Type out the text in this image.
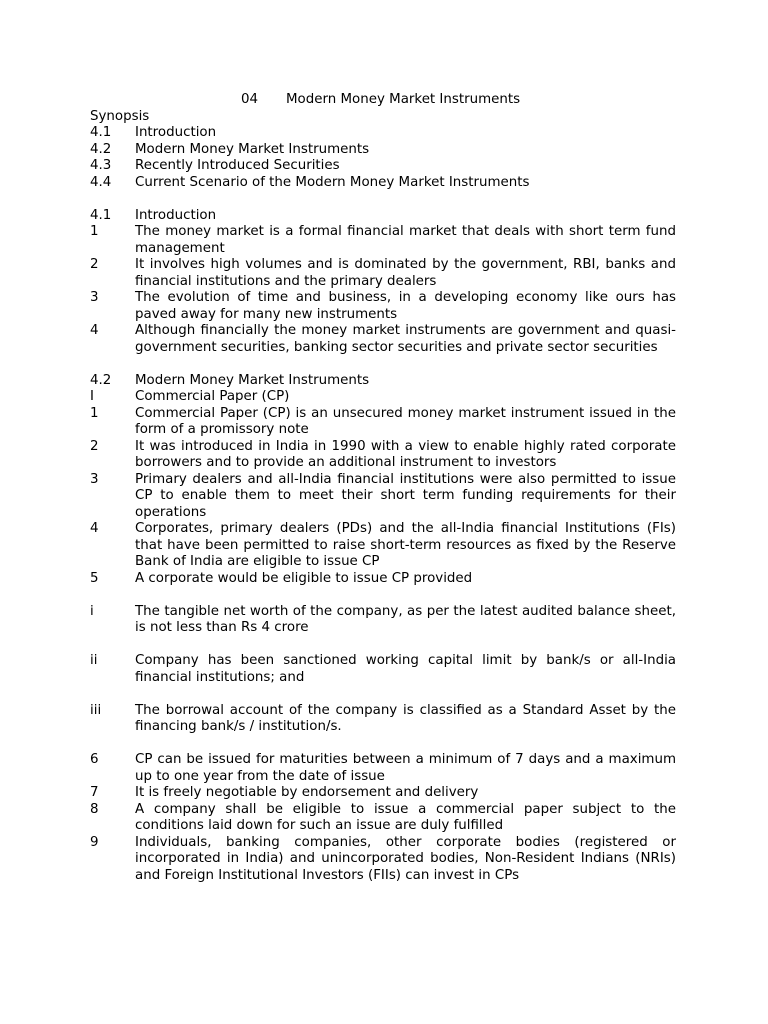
04 Modern Money Market Instruments
Synopsis
4.1	Introduction
4.2	Modern Money Market Instruments
4.3	Recently Introduced Securities
4.4	Current Scenario of the Modern Money Market Instruments
4.1	Introduction
1	The money market is a formal financial market that deals with short term fund management
2	It involves high volumes and is dominated by the government, RBI, banks and financial institutions and the primary dealers
3	The evolution of time and business, in a developing economy like ours has paved away for many new instruments
4	Although financially the money market instruments are government and quasi-government securities, banking sector securities and private sector securities
4.2	Modern Money Market Instruments
I	Commercial Paper (CP)
1	Commercial Paper (CP) is an unsecured money market instrument issued in the form of a promissory note
2	It was introduced in India in 1990 with a view to enable highly rated corporate borrowers and to provide an additional instrument to investors
3	Primary dealers and all-India financial institutions were also permitted to issue CP to enable them to meet their short term funding requirements for their operations
4	Corporates, primary dealers (PDs) and the all-India financial Institutions (FIs) that have been permitted to raise short-term resources as fixed by the Reserve Bank of India are eligible to issue CP
5	A corporate would be eligible to issue CP provided
i	The tangible net worth of the company, as per the latest audited balance sheet, is not less than Rs 4 crore
ii	Company has been sanctioned working capital limit by bank/s or all-India financial institutions; and
iii	The borrowal account of the company is classified as a Standard Asset by the financing bank/s / institution/s.
6	CP can be issued for maturities between a minimum of 7 days and a maximum up to one year from the date of issue
7	It is freely negotiable by endorsement and delivery
8	A company shall be eligible to issue a commercial paper subject to the conditions laid down for such an issue are duly fulfilled
9	Individuals, banking companies, other corporate bodies (registered or incorporated in India) and unincorporated bodies, Non-Resident Indians (NRIs) and Foreign Institutional Investors (FIIs) can invest in CPs
